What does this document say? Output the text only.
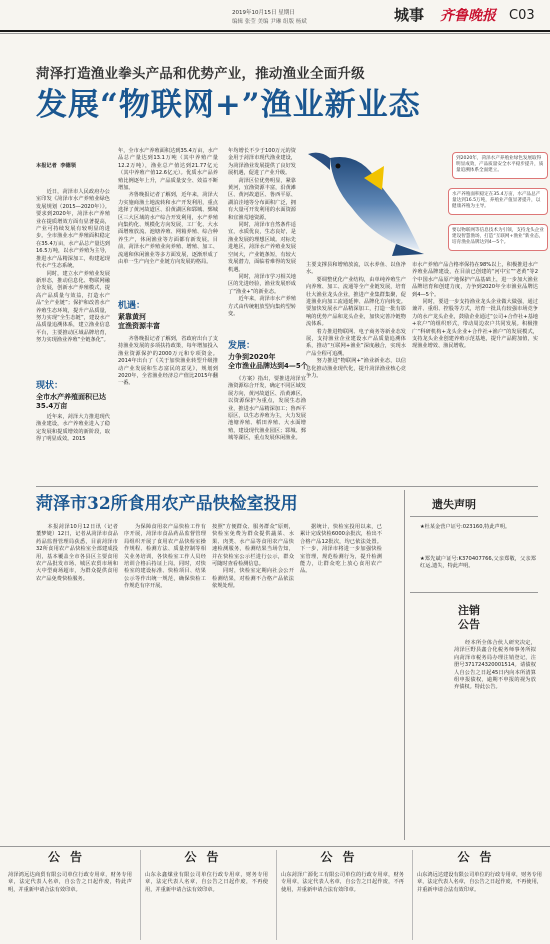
2019年10月15日 星期日
编辑 张莹 美编 尹琳 组版 杨斌	城事 齐鲁晚报 C03
菏泽打造渔业拳头产品和优势产业，推动渔业全面升级
发展“物联网+”渔业新业态

本报记者  李德领

　　近日，菏泽市人民政府办公室印发《菏泽市水产养殖业绿色发展规划（2015—2020年）》。要求到2020年，菏泽水产养殖业在提质增效方面有显著提高，产业可持续发展有较明显的进步。全市渔业水产养殖面积稳定在35.4万亩，水产品总产量达到16.5万吨，以水产养殖为主导，推进水产品精深加工，构建起现代水产生态系统。
　　同时，建立水产养殖业发展新形态，推动信息化、物联网融合发展，创新水产养殖模式，提高产品质量与效益，打造水产品“全产业链”；保护和改善水产养殖生态环境，提升产品质量，努力实现“全生态链”，建设水产品质量追溯体系，建立渔业信息平台，主要推动区域品牌培育，努力实现渔业养殖“全链条化”。

现状：
全市水产养殖面积已达35.4万亩
　　近年来，菏泽大力推进现代渔业建设，水产养殖业进入了稳定发展和提质增效的新阶段，取得了明显成效。2015
年，全市水产养殖面积达到35.4万亩，水产品总产量达到13.1万吨（其中养殖产量12.2万吨），渔业总产值达到21.77亿元（其中养殖产值12.6亿元）。优质水产品养殖比例逐年上升，产品质量安全、效益不断增加。
　　齐鲁晚报记者了解到，近年来，菏泽大力实施商渔土地流转和水产开发利用，重点选择了黄河故道区、沿黄湖区和郓城、鄄城区三大区域的水产综合开发利用，水产养殖向集约化、规模化方向发展，工厂化、大水面增殖放流、池塘养殖、网箱养殖、综合种养生产，休闲渔业等方面都有新发展。目前，菏泽水产养殖业向养殖、增殖、加工、流通和休闲渔业等多方面发展，逐渐形成了由单一生产向全产业链方向发展的格局。
机遇：
紧靠黄河
宜渔资源丰富
　　齐鲁晚报记者了解到，省政府出台了支持渔业发展的多项扶持政策，每年增加投入渔业资源保护的2000万元和专项资金。2014年出台了《关于加快渔业转型升级推动产业发展和生态富民的意见》，规划到2020年，全省渔业经济总产值比2015年翻一番。
年均增长不少于100万元的资金用于菏泽市现代渔业建设，为菏泽渔业发展提供了良好发展机遇，促进了产业升级。
　　菏泽区位优势明显，紧靠黄河，宜渔资源丰富，沿黄滩区、黄河故道区、鲁西平原、湖泊洼地等分布面积广泛，拥有大量可开发利用的水面资源和宜渔荒地资源。
　　同时，菏泽市自然条件适宜，水质优良，生态良好，是渔业发展的理想区域。对标先进地区，菏泽水产养殖业发展空间大，产业链条短，有较大发展潜力，面临着难得的发展机遇。
　　同时，菏泽市学习相关地区的先进经验，渔业发展形成了“渔业+”的新业态。
　　近年来，菏泽市水产养殖方式由传统粗放型向集约型转变。
发展：
力争到2020年
全市渔业品牌达到4—5个
　　《方案》指出，要推进菏泽宜渔资源综合开发，确定不同区域发展方向，黄河故道区、沿黄滩区，以资源保护为重点，发展生态渔业，推进水产品精深加工；鲁西平原区，以生态养殖为主，大力发展池塘养殖、稻田养殖、大水面增殖，建设现代渔业园区；郓城、鄄城等湖区，重点发展休闲渔业。
到2020年，菏泽水产养殖业绿色发展取得明显成效，产品质量安全水平稳步提升，质量追溯体系全面建立。
水产养殖面积稳定在35.4万亩，水产品总产量达到16.5万吨，养殖业产值显著提升，以健康养殖为主导。
要以物联网等信息技术为引领，支持龙头企业建设智慧渔场，打造“互联网+渔业”新业态，培育渔业品牌达到4—5个。
主要支撑县和增殖放流，以水养鱼、以鱼净水。
　　要调整优化产业结构，由单纯养殖生产向养殖、加工、流通等全产业链发展，培育壮大渔业龙头企业，推进产业集群集聚，促进渔业向加工流通延伸、品牌化方向转变。要加快发展水产品精深加工，打造一批有影响的优势产品和龙头企业，加快完善冷链物流体系。
　　着力推进物联网、电子商务等新业态发展，支持渔业企业建设水产品质量追溯体系，推动“互联网+渔业”深度融合，实现水产品全程可追溯。
　　努力推进“物联网+”渔业新业态，以信息化推动渔业现代化，提升菏泽渔业核心竞争力。
市水产养殖产品合格率保持在98%以上，积极推进水产养殖业品牌建设，在目前已创建的“河中宝”“老黄”等2个中国水产品原产地保护产品基础上，进一步加大渔业品牌培育和创建力度，力争到2020年全市渔业品牌达到4—5个。
　　同时，要进一步支持渔业龙头企业做大做强，通过兼并、重组、控股等方式，培育一批具有较强市场竞争力的水产龙头企业，鼓励企业通过“公司+合作社+基地+农户”的组织形式，带动周边农户共同发展。积极推广“科研机构+龙头企业+合作社+渔户”的发展模式，支持龙头企业创建养殖示范基地，提升产品附加值，实现渔业增效、渔民增收。
菏泽市32所食用农产品快检室投用
　　本报菏泽10月12日讯（记者 董梦婕）12日，记者从菏泽市食品药品监督管理局获悉，目前菏泽市32所食用农产品快检室全部建成投用，基本覆盖全市各县区主要食用农产品批发市场、城区农贸市场和大中型商场超市，为群众提供食用农产品免费快检服务。
　　为保障食用农产品快检工作有序开展，菏泽市食品药品监督管理局组织开展了食用农产品快检室操作规程、检测方法、质量控制等相关业务培训，各快检室工作人员经培训合格后持证上岗。同时，对快检室的建设标准、快检项目、结果公示等作出统一规范，确保快检工作规范有序开展。
按照“方便群众、服务群众”原则，快检室免费为群众提供蔬菜、水果、肉类、水产品等食用农产品快速检测服务，检测结果当场告知，并在快检室公示栏进行公示，群众可随时查看检测信息。
　　同时，快检室定期向社会公开检测结果，对检测不合格产品依法依规处理。
　　据统计，快检室投用以来，已累计完成快检6000余批次，检出不合格产品12批次，均已依法处置。下一步，菏泽市将进一步加强快检室管理，规范检测行为，提升检测能力，让群众吃上放心食用农产品。
遗失声明
★杜某金营户证号:023160,特此声明。
★郑先斌户证号:K370407766,父亲郑敬，父亲郑红运,遗失，特此声明。
注销
公告
　　经本所全体合伙人研究决定，菏泽巨野县鑫合化税务师事务所拟向菏泽市税务局办理注销登记，注册号371724320001514。请债权人自公告之日起45日内向本所清算组申报债权，逾期不申报的视为放弃债权。特此公告。
公告
菏泽鸿远达商贸有限公司单位行政专用章，财务专用章，法定代表人名章，自公告之日起作废，特此声明，并重新申请合法有效印章。
公告
山东永鑫煤业有限公司单位行政专用章，财务专用章，法定代表人名章，自公告之日起作废，不再使用，并重新申请合法有效印章。
公告
山东菏泽广源化工有限公司单位的行政专用章，财务专用章，法定代表人名章，自公告之日起作废，不再使用，并重新申请合法有效印章。
公告
山东鸿远达建设有限公司单位的行政专用章，财务专用章，法定代表人名章，自公告之日起作废，不再使用，并重新申请合法有效印章。
